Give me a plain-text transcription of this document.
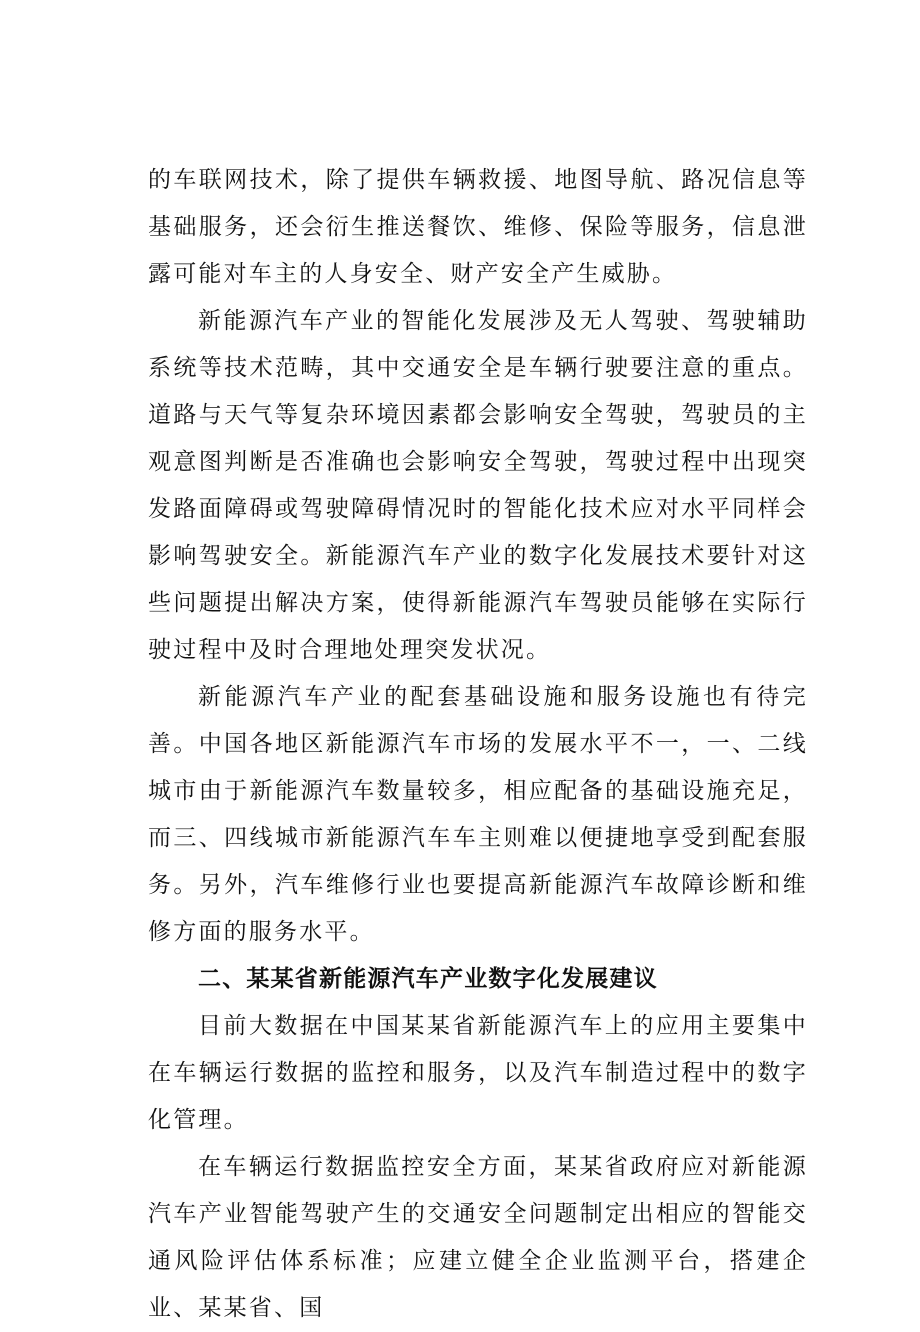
的车联网技术，除了提供车辆救援、地图导航、路况信息等基础服务，还会衍生推送餐饮、维修、保险等服务，信息泄露可能对车主的人身安全、财产安全产生威胁。

新能源汽车产业的智能化发展涉及无人驾驶、驾驶辅助系统等技术范畴，其中交通安全是车辆行驶要注意的重点。道路与天气等复杂环境因素都会影响安全驾驶，驾驶员的主观意图判断是否准确也会影响安全驾驶，驾驶过程中出现突发路面障碍或驾驶障碍情况时的智能化技术应对水平同样会影响驾驶安全。新能源汽车产业的数字化发展技术要针对这些问题提出解决方案，使得新能源汽车驾驶员能够在实际行驶过程中及时合理地处理突发状况。

新能源汽车产业的配套基础设施和服务设施也有待完善。中国各地区新能源汽车市场的发展水平不一，一、二线城市由于新能源汽车数量较多，相应配备的基础设施充足，而三、四线城市新能源汽车车主则难以便捷地享受到配套服务。另外，汽车维修行业也要提高新能源汽车故障诊断和维修方面的服务水平。

二、某某省新能源汽车产业数字化发展建议

目前大数据在中国某某省新能源汽车上的应用主要集中在车辆运行数据的监控和服务，以及汽车制造过程中的数字化管理。

在车辆运行数据监控安全方面，某某省政府应对新能源汽车产业智能驾驶产生的交通安全问题制定出相应的智能交通风险评估体系标准；应建立健全企业监测平台，搭建企业、某某省、国
